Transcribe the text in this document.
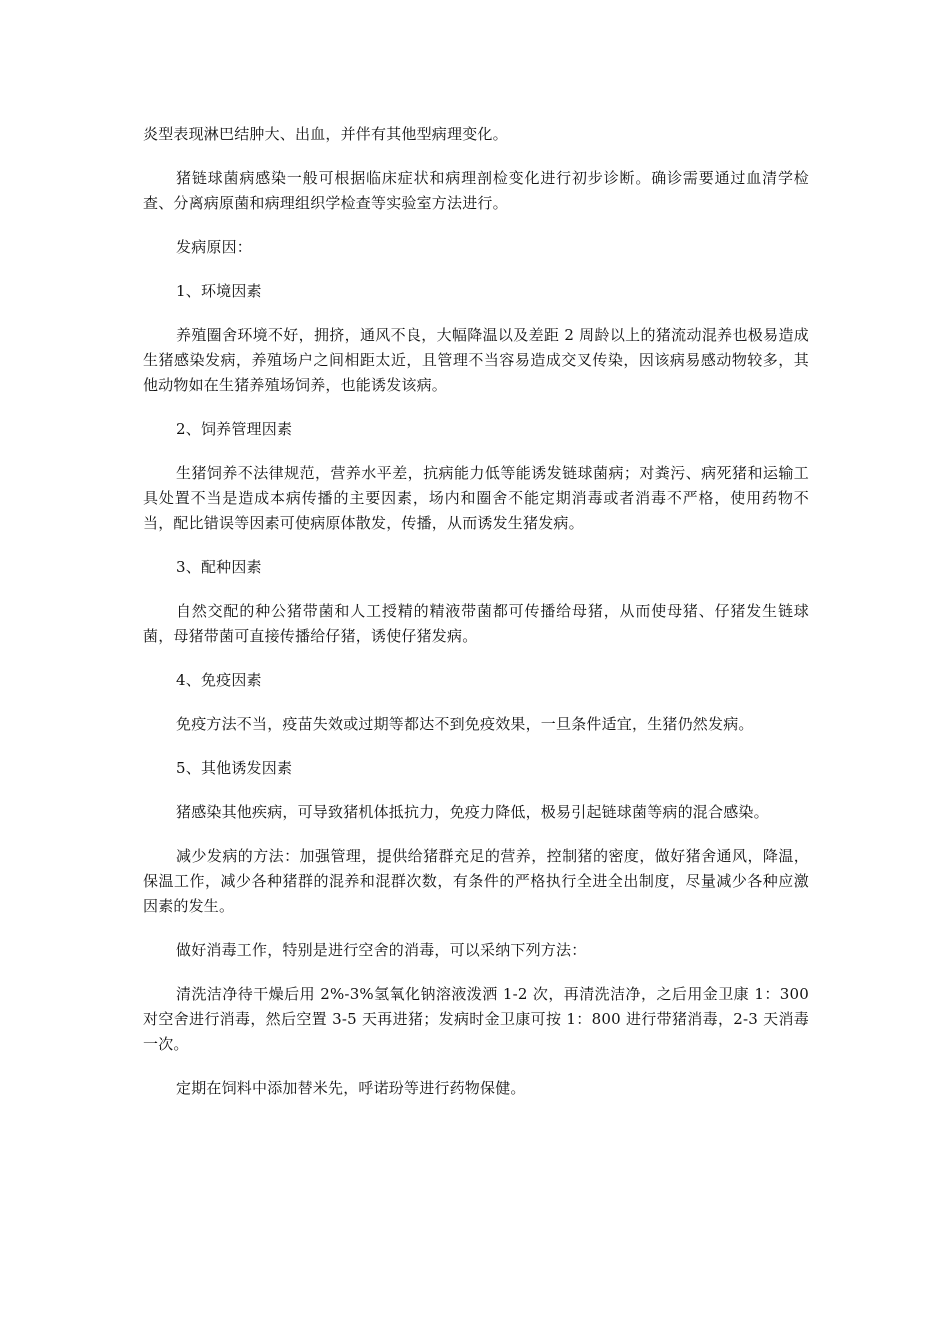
炎型表现淋巴结肿大、出血，并伴有其他型病理变化。

猪链球菌病感染一般可根据临床症状和病理剖检变化进行初步诊断。确诊需要通过血清学检查、分离病原菌和病理组织学检查等实验室方法进行。

发病原因：

1、环境因素

养殖圈舍环境不好，拥挤，通风不良，大幅降温以及差距 2 周龄以上的猪流动混养也极易造成生猪感染发病，养殖场户之间相距太近，且管理不当容易造成交叉传染，因该病易感动物较多，其他动物如在生猪养殖场饲养，也能诱发该病。

2、饲养管理因素

生猪饲养不法律规范，营养水平差，抗病能力低等能诱发链球菌病；对粪污、病死猪和运输工具处置不当是造成本病传播的主要因素，场内和圈舍不能定期消毒或者消毒不严格，使用药物不当，配比错误等因素可使病原体散发，传播，从而诱发生猪发病。

3、配种因素

自然交配的种公猪带菌和人工授精的精液带菌都可传播给母猪，从而使母猪、仔猪发生链球菌，母猪带菌可直接传播给仔猪，诱使仔猪发病。

4、免疫因素

免疫方法不当，疫苗失效或过期等都达不到免疫效果，一旦条件适宜，生猪仍然发病。

5、其他诱发因素

猪感染其他疾病，可导致猪机体抵抗力，免疫力降低，极易引起链球菌等病的混合感染。

减少发病的方法：加强管理，提供给猪群充足的营养，控制猪的密度，做好猪舍通风，降温，保温工作，减少各种猪群的混养和混群次数，有条件的严格执行全进全出制度，尽量减少各种应激因素的发生。

做好消毒工作，特别是进行空舍的消毒，可以采纳下列方法：

清洗洁净待干燥后用 2%-3%氢氧化钠溶液泼洒 1-2 次，再清洗洁净，之后用金卫康 1：300 对空舍进行消毒，然后空置 3-5 天再进猪；发病时金卫康可按 1：800 进行带猪消毒，2-3 天消毒一次。

定期在饲料中添加替米先，呼诺玢等进行药物保健。
